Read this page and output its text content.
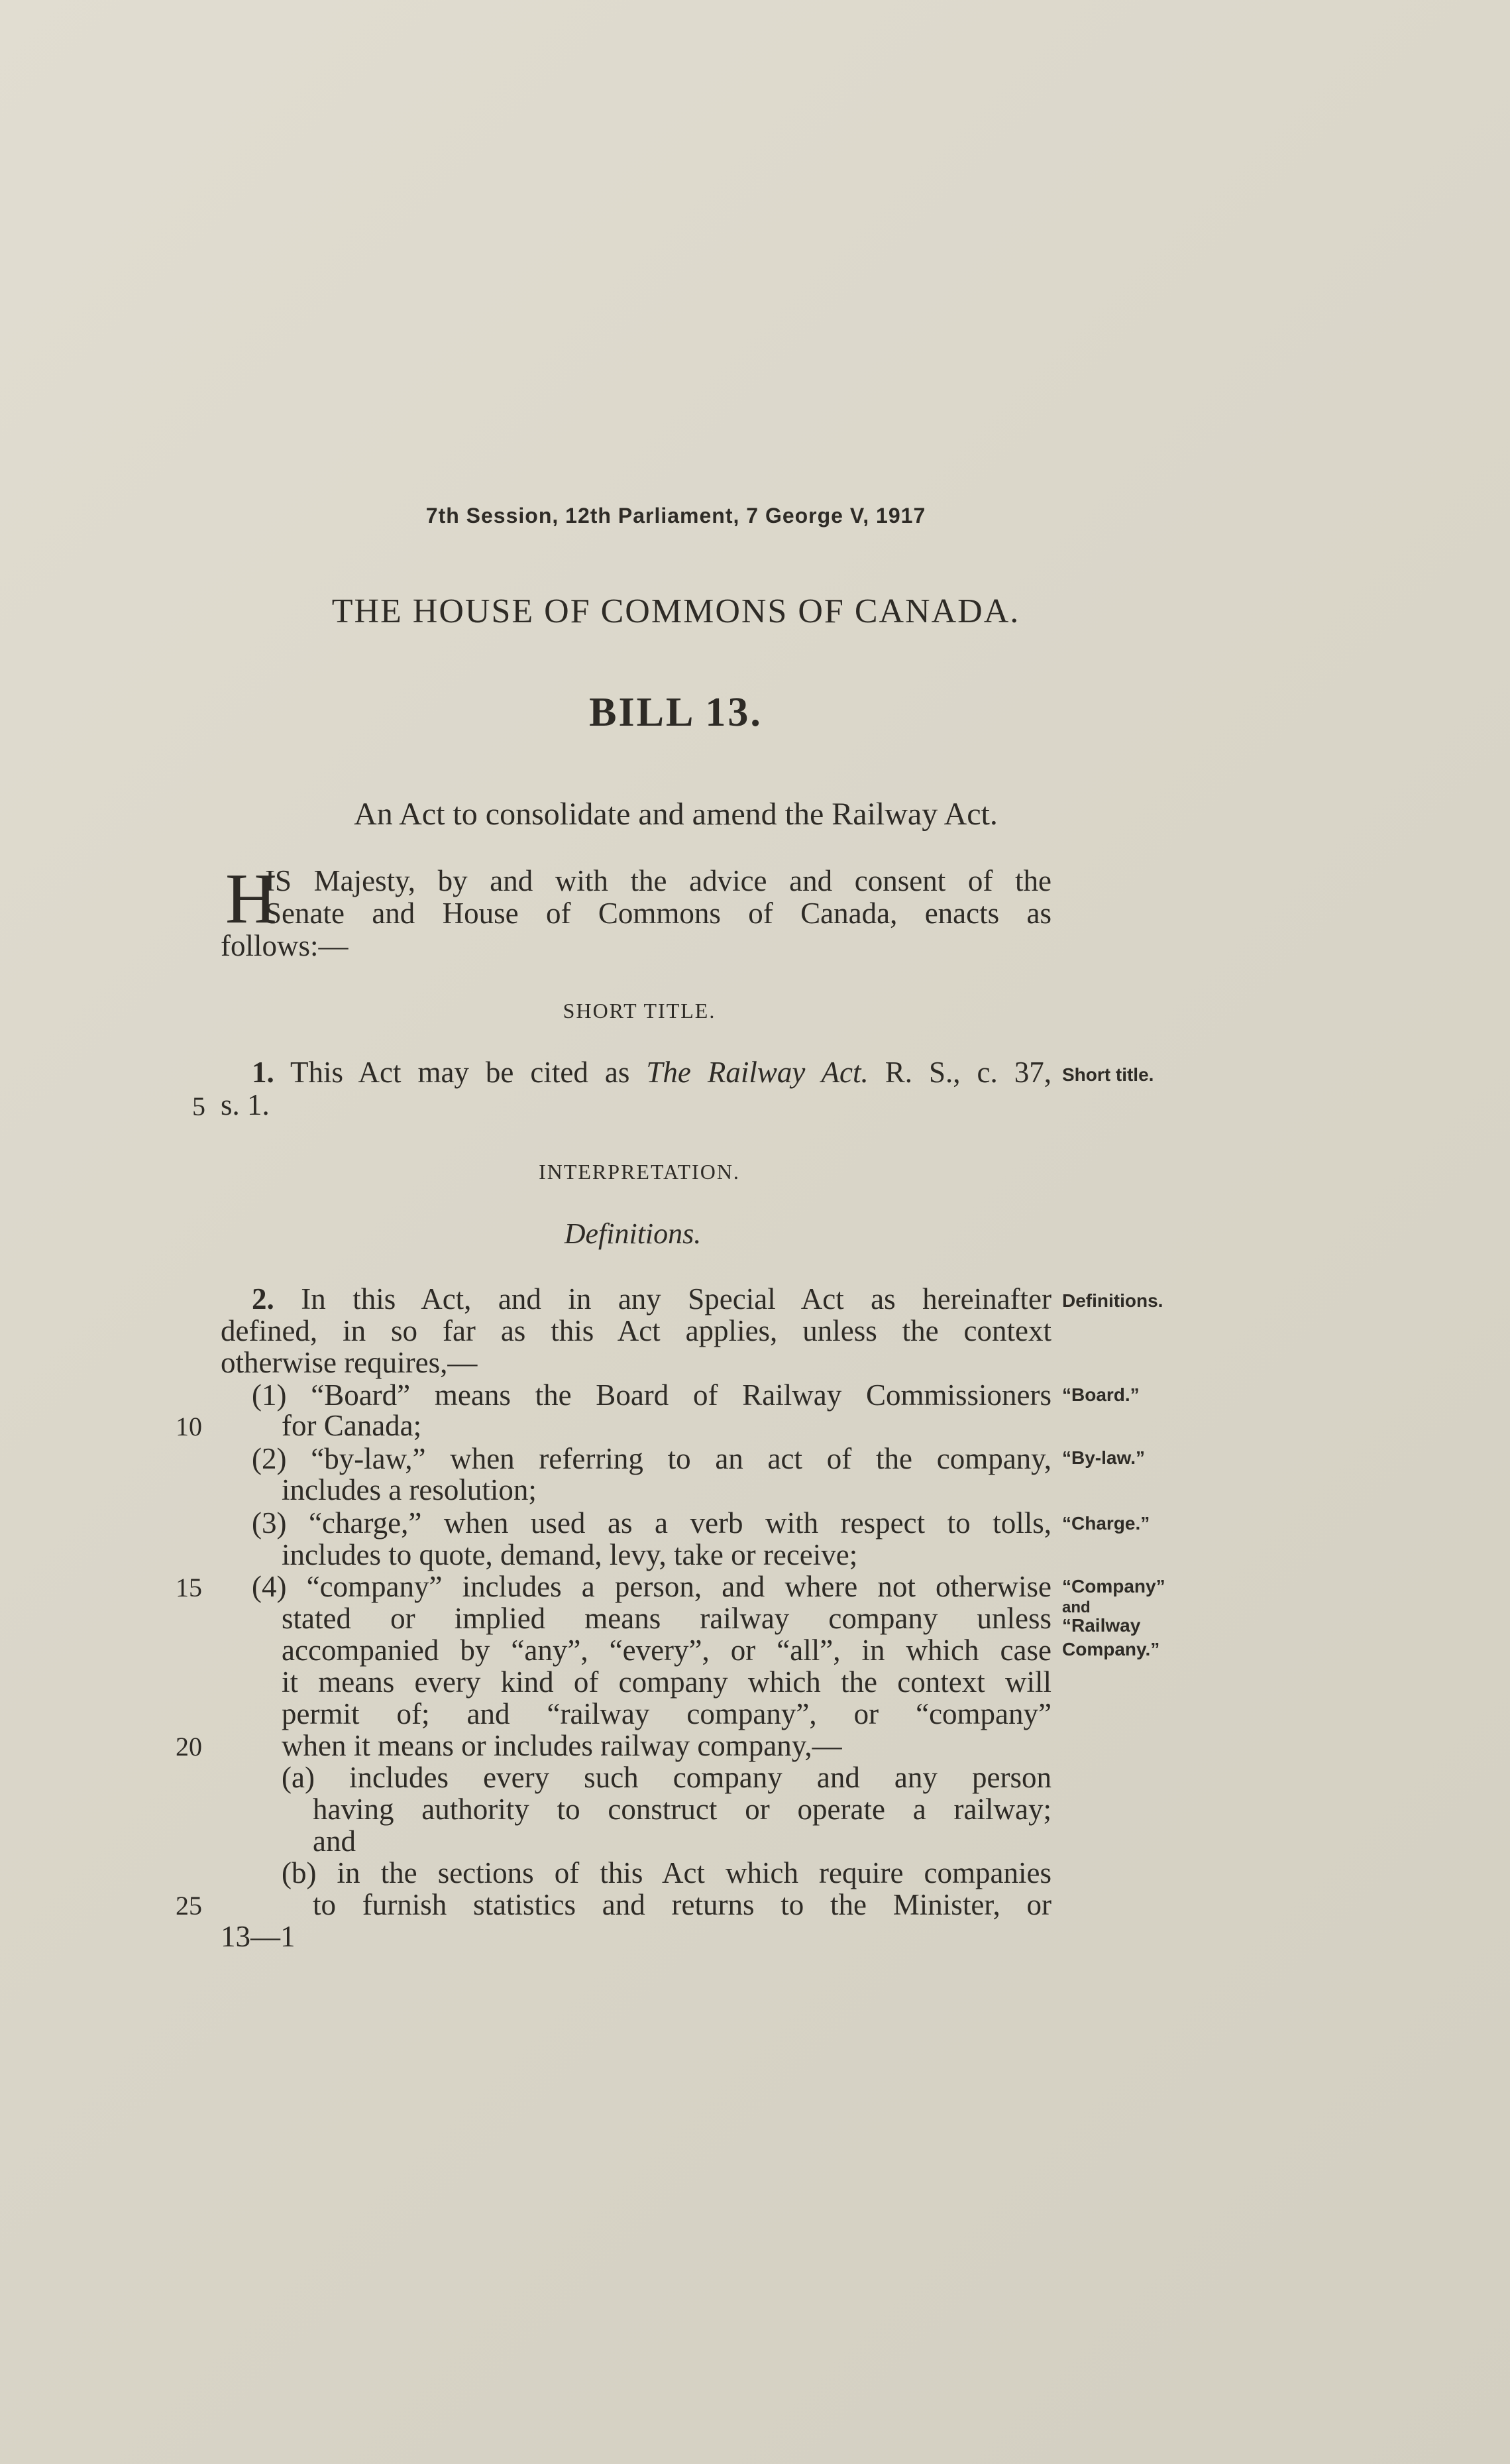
7th Session, 12th Parliament, 7 George V, 1917
THE HOUSE OF COMMONS OF CANADA.
BILL 13.
An Act to consolidate and amend the Railway Act.
H
IS Majesty, by and with the advice and consent of the
Senate and House of Commons of Canada, enacts as
follows:—
SHORT TITLE.
1. This Act may be cited as The Railway Act. R. S., c. 37, Short title.
5 s. 1.
INTERPRETATION.
Definitions.
2. In this Act, and in any Special Act as hereinafter Definitions.
defined, in so far as this Act applies, unless the context
otherwise requires,—
(1) “Board” means the Board of Railway Commissioners “Board.”
10	for Canada;
(2) “by-law,” when referring to an act of the company, “By-law.”
includes a resolution;
(3) “charge,” when used as a verb with respect to tolls, “Charge.”
includes to quote, demand, levy, take or receive;
15 (4) “company” includes a person, and where not otherwise “Company”
stated or implied means railway company unless and
“Railway
accompanied by “any”, “every”, or “all”, in which case Company.”
it means every kind of company which the context will
permit of; and “railway company”, or “company”
20	when it means or includes railway company,—
(a) includes every such company and any person
having authority to construct or operate a railway;
and
(b) in the sections of this Act which require companies
25	to furnish statistics and returns to the Minister, or
13—1
